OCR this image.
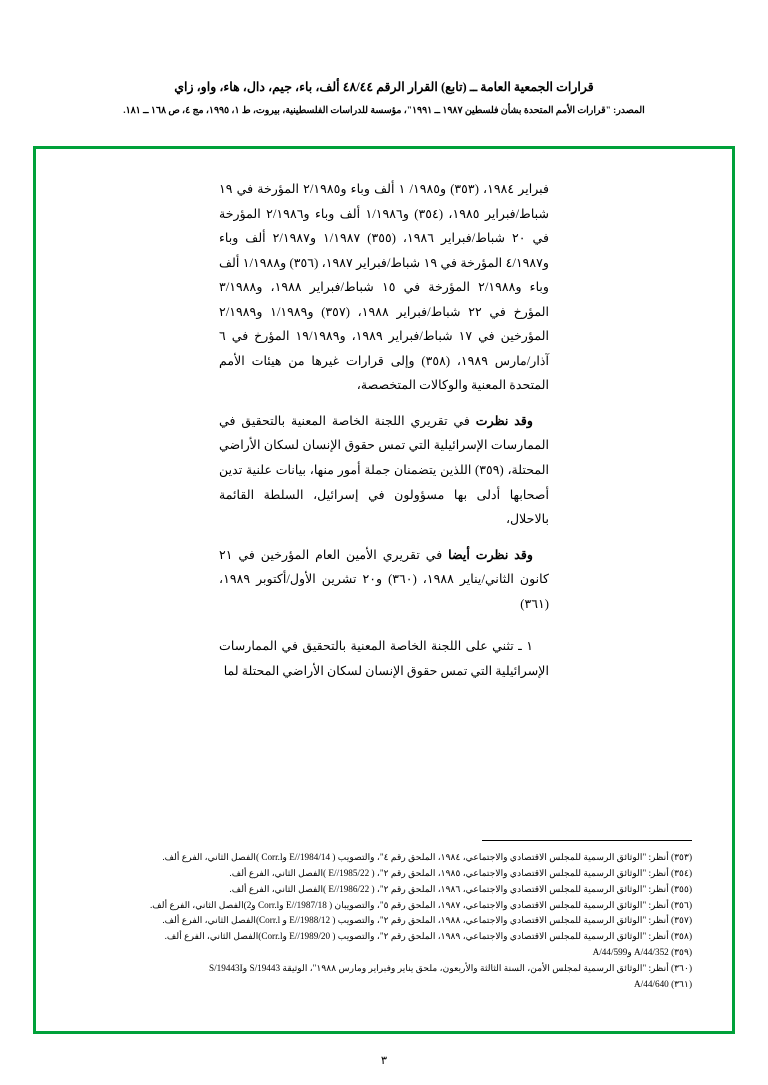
قرارات الجمعية العامة ــ (تابع) القرار الرقم ٤٨/٤٤ ألف، باء، جيم، دال، هاء، واو، زاي
المصدر: "قرارات الأمم المتحدة بشأن فلسطين ١٩٨٧ ــ ١٩٩١"، مؤسسة للدراسات الفلسطينية، بيروت، ط ١، ١٩٩٥، مج ٤، ص ١٦٨ ــ ١٨١.

فبراير ١٩٨٤، (٣٥٣) و١٩٨٥/ ١ ألف وباء و٢/١٩٨٥ المؤرخة في ١٩ شباط/فبراير ١٩٨٥، (٣٥٤) و١/١٩٨٦ ألف وباء و٢/١٩٨٦ المؤرخة في ٢٠ شباط/فبراير ١٩٨٦، (٣٥٥) ١/١٩٨٧ و٢/١٩٨٧ ألف وباء و٤/١٩٨٧ المؤرخة في ١٩ شباط/فبراير ١٩٨٧، (٣٥٦) و١/١٩٨٨ ألف وباء و٢/١٩٨٨ المؤرخة في ١٥ شباط/فبراير ١٩٨٨، و٣/١٩٨٨ المؤرخ في ٢٢ شباط/فبراير ١٩٨٨، (٣٥٧) و١/١٩٨٩ و٢/١٩٨٩ المؤرخين في ١٧ شباط/فبراير ١٩٨٩، و١٩/١٩٨٩ المؤرخ في ٦ آذار/مارس ١٩٨٩، (٣٥٨) وإلى قرارات غيرها من هيئات الأمم المتحدة المعنية والوكالات المتخصصة،

وقد نظرت في تقريري اللجنة الخاصة المعنية بالتحقيق في الممارسات الإسرائيلية التي تمس حقوق الإنسان لسكان الأراضي المحتلة، (٣٥٩) اللذين يتضمنان جملة أمور منها، بيانات علنية تدين أصحابها أدلى بها مسؤولون في إسرائيل، السلطة القائمة بالاحلال،

وقد نظرت أيضا في تقريري الأمين العام المؤرخين في ٢١ كانون الثاني/يناير ١٩٨٨، (٣٦٠) و٢٠ تشرين الأول/أكتوبر ١٩٨٩، (٣٦١)

١ ـ تثني على اللجنة الخاصة المعنية بالتحقيق في الممارسات الإسرائيلية التي تمس حقوق الإنسان لسكان الأراضي المحتلة لما

(٣٥٣) أنظر: "الوثائق الرسمية للمجلس الاقتصادي والاجتماعي، ١٩٨٤، الملحق رقم ٤"، والتصويب ( E//1984/14 وCorr.l )الفصل الثاني، الفرع ألف.

(٣٥٤) أنظر: "الوثائق الرسمية للمجلس الاقتصادي والاجتماعي، ١٩٨٥، الملحق رقم ٢"، ( E//1985/22 )الفصل الثاني، الفرع ألف.

(٣٥٥) أنظر: "الوثائق الرسمية للمجلس الاقتصادي والاجتماعي، ١٩٨٦، الملحق رقم ٢"، ( E//1986/22 )الفصل الثاني، الفرع ألف.

(٣٥٦) أنظر: "الوثائق الرسمية للمجلس الاقتصادي والاجتماعي، ١٩٨٧، الملحق رقم ٥"، والتصويبان ( E//1987/18 وCorr.l و2)الفصل الثاني، الفرع ألف.

(٣٥٧) أنظر: "الوثائق الرسمية للمجلس الاقتصادي والاجتماعي، ١٩٨٨، الملحق رقم ٢"، والتصويب ( E//1988/12 و Corr.l)الفصل الثاني، الفرع ألف.

(٣٥٨) أنظر: "الوثائق الرسمية للمجلس الاقتصادي والاجتماعي، ١٩٨٩، الملحق رقم ٢"، والتصويب ( E//1989/20 وCorr.l)الفصل الثاني، الفرع ألف.

(٣٥٩) A/44/352 وA/44/599

(٣٦٠) أنظر: "الوثائق الرسمية لمجلس الأمن، السنة الثالثة والأربعون، ملحق يناير وفبراير ومارس ١٩٨٨"، الوثيقة S/19443 وS/19443I

(٣٦١) A/44/640

٣
